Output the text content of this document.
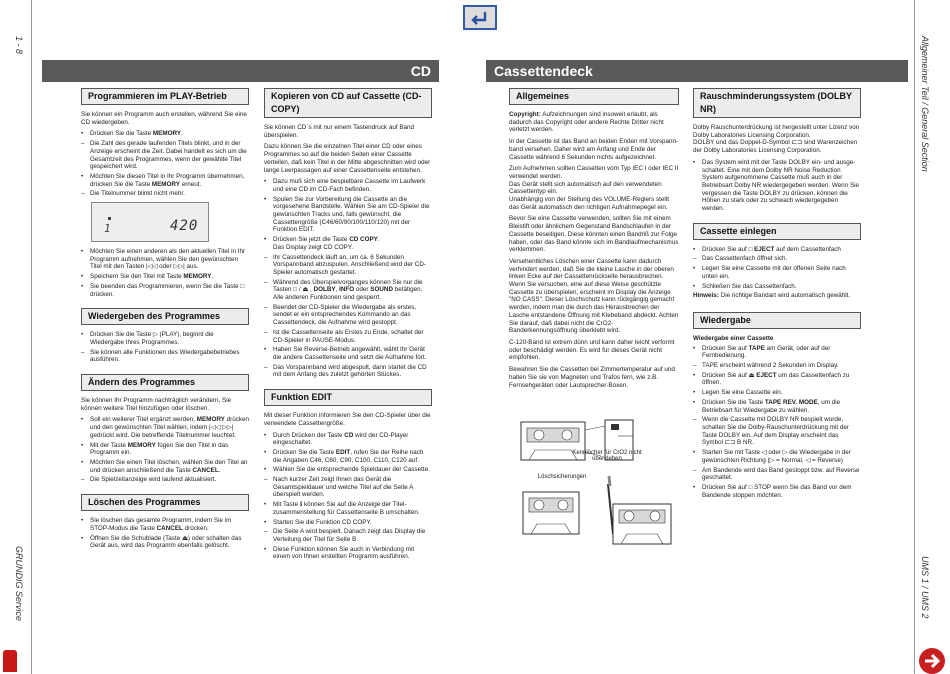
1 - 8
GRUNDIG Service
Allgemeiner Teil / General Section
UMS 1 / UMS 2
CD	Cassettendeck
Programmieren im PLAY-Betrieb

Sie können ein Programm auch erstellen, während Sie eine CD wiedergeben.

• Drücken Sie die Taste MEMORY.
– Die Zahl des gerade laufenden Titels blinkt, und in der Anzeige erscheint die Zeit. Dabei handelt es sich um die Gesamtzeit des Programmes, wenn der gewählte Titel gespeichert wird.
• Möchten Sie diesen Titel in Ihr Programm übernehmen, drücken Sie die Taste MEMORY erneut.
– Die Titelnummer blinkt nicht mehr.
1	420
• Möchten Sie einen anderen als den aktuellen Titel in Ihr Programm aufnehmen, wählen Sie den gewünschten Titel mit den Tasten |◁◁ oder ▷▷| aus.
• Speichern Sie den Titel mit Taste MEMORY.
• Sie beenden das Programmieren, wenn Sie die Taste □ drücken.
Wiedergeben des Programmes
• Drücken Sie die Taste ▷ (PLAY), beginnt die Wiedergabe Ihres Programmes.
– Sie können alle Funktionen des Wiedergabebetriebes ausführen.
Ändern des Programmes

Sie können Ihr Programm nachträglich verändern, Sie können weitere Titel hinzufügen oder löschen.

• Soll ein weiterer Titel ergänzt werden, MEMORY drücken und den gewünschten Titel wählen, indem |◁◁ ▷▷| gedrückt wird. Die betreffende Titelnummer leuchtet.
• Mit der Taste MEMORY fügen Sie den Titel in das Programm ein.
• Möchten Sie einen Titel löschen, wählen Sie den Titel an und drücken anschließend die Taste CANCEL.
– Die Spielzeitanzeige wird laufend aktualisiert.
Löschen des Programmes
• Sie löschen das gesamte Programm, indem Sie im STOP-Modus die Taste CANCEL drücken.
• Öffnen Sie die Schublade (Taste ⏏) oder schalten das Gerät aus, wird das Programm ebenfalls gelöscht.
Kopieren von CD auf Cassette (CD-COPY)

Sie können CD´s mit nur einem Tastendruck auf Band überspielen.

Dazu können Sie die einzelnen Titel einer CD oder eines Programmes so auf die beiden Seiten einer Cassette verteilen, daß kein Titel in der Mitte abgeschnitten wird oder lange Leerpassagen auf einer Cassettenseite entstehen.

• Dazu muß sich eine bespielbare Cassette im Laufwerk und eine CD im CD-Fach befinden.
• Spulen Sie zur Vorbereitung die Cassette an die vorgesehene Bandstelle. Wählen Sie am CD-Spieler die gewünschten Tracks und, falls gewünscht, die Cassettengröße (C46/60/90/100/110/120) mit der Funktion EDIT.
• Drücken Sie jetzt die Taste CD COPY.
Das Display zeigt CD COPY.
– Ihr Cassettendeck läuft an, um ca. 6 Sekunden Vorspannband abzuspulen. Anschließend wird der CD-Spieler automatisch gestartet.
– Während des Überspielvorganges können Sie nur die Tasten □ / ⏏ , DOLBY, INFO oder SOUND betätigen. Alle anderen Funktionen sind gesperrt.
– Beendet der CD-Spieler die Wiedergabe als erstes, sendet er ein entsprechendes Kommando an das Cassettendeck, die Aufnahme wird gestoppt.
– Ist die Cassettenseite als Erstes zu Ende, schaltet der CD-Spieler in PAUSE-Modus.
• Haben Sie Reverse-Betrieb angewählt, wählt Ihr Gerät die andere Cassettenseite und setzt die Aufnahme fort.
– Das Vorspannband wird abgespult, dann startet die CD mit dem Anfang des zuletzt gehörten Stückes.
Funktion EDIT

Mit dieser Funktion informieren Sie den CD-Spieler über die verwendete Cassettengröße.

• Durch Drücken der Taste CD wird der CD-Player eingeschaltet.
• Drücken Sie die Taste EDIT, rufen Sie der Reihe nach die Angaben C46, C60, C90, C100, C110, C120 auf.
• Wählen Sie die entsprechende Spieldauer der Cassette.
– Nach kurzer Zeit zeigt Ihnen das Gerät die Gesamtspieldauer und welche Titel auf die Seite A überspielt werden.
• Mit Taste ℹ können Sie auf die Anzeige der Titel-zusammenstellung für Cassettenseite B umschalten.
• Starten Sie die Funktion CD COPY.
– Die Seite A wird bespielt. Danach zeigt das Display die Verteilung der Titel für Seite B.
• Diese Funktion können Sie auch in Verbindung mit einem von Ihnen erstellten Programm ausführen.
Allgemeines

Copyright: Aufzeichnungen sind insoweit erlaubt, als dadurch das Copyright oder andere Rechte Dritter nicht verletzt werden.

In der Cassette ist das Band an beiden Enden mit Vorspann-band versehen. Daher wird am Anfang und Ende der Cassette während 6 Sekunden nichts aufgezeichnet.

Zum Aufnehmen sollten Cassetten vom Typ IEC I oder IEC II verwendet werden.

Das Gerät stellt sich automatisch auf den verwendeten Cassettentyp ein.

Unabhängig von der Stellung des VOLUME-Reglers stellt das Gerät automatisch den richtigen Aufnahmepegel ein.

Bevor Sie eine Cassette verwenden, sollten Sie mit einem Bleistift oder ähnlichem Gegenstand Bandschlaufen in der Cassette beseitigen. Diese könnten einen Bandriß zur Folge haben, oder das Band könnte sich im Bandlaufmechanismus verklemmen.

Versehentliches Löschen einer Cassette kann dadurch verhindert werden, daß Sie die kleine Lasche in der oberen linken Ecke auf der Cassettenrückseite herausbrechen. Wenn Sie versuchen, eine auf diese Weise geschützte Cassette zu überspielen, erscheint im Display die Anzeige "NO CASS". Dieser Löschschutz kann rückgängig gemacht werden, indem man die durch das Herausbrechen der Lasche entstandene Öffnung mit Klebeband abdeckt. Achten Sie darauf, daß dabei nicht die CrO2-Banderkennungsöffnung überklebt wird.

C-120-Band ist extrem dünn und kann daher leicht verformt oder beschädigt werden. Es wird für dieses Gerät nicht empfohlen.

Bewahren Sie die Cassetten bei Zimmertemperatur auf und halten Sie sie von Magneten und Trafos fern, wie z.B. Fernsehgeräten oder Lautsprecher-Boxen.

Kennlöcher für CrO2 nicht überkleben
Löschsicherungen
Rauschminderungssystem (DOLBY NR)

Dolby Rauschunterdrückung ist hergestellt unter Lizenz von Dolby Laboratories Licensing Corporation.

DOLBY und das Doppel-D-Symbol ⊏⊐ sind Warenzeichen der Dolby Laboratories Licensing Corporation.

• Das System wird mit der Taste DOLBY ein- und ausge-schaltet. Eine mit dem Dolby NR Noise Reduction System aufgenommene Cassette muß auch in der Betriebsart Dolby NR wiedergegeben werden. Wenn Sie vergessen die Taste DOLBY zu drücken, können die Höhen zu stark oder zu schwach wiedergegeben werden.
Cassette einlegen
• Drücken Sie auf □ EJECT auf dem Cassettenfach
– Das Cassettenfach öffnet sich.
• Legen Sie eine Cassette mit der offenen Seite nach unten ein.
• Schließen Sie das Cassettenfach.

Hinweis: Die richtige Bandart wird automatisch gewählt.

Wiedergabe

Wiedergabe einer Cassette

• Drücken Sie auf TAPE am Gerät, oder auf der Fernbedienung.
– TAPE erscheint während 2 Sekunden im Display.
• Drücken Sie auf ⏏ EJECT um das Cassettenfach zu öffnen.
• Legen Sie eine Cassette ein.
• Drücken Sie die Taste TAPE REV. MODE, um die Betriebsart für Wiedergabe zu wählen.
– Wenn die Cassette mit DOLBY NR bespielt wurde, schalten Sie die Dolby-Rauschunterdrückung mit der Taste DOLBY ein. Auf dem Display erscheint das Symbol ⊏⊐ B NR.
• Starten Sie mit Taste ◁ oder ▷ die Wiedergabe in der gewünschten Richtung (▷ = Normal, ◁ = Reverse)
– Am Bandende wird das Band gestoppt bzw. auf Reverse geschaltet.
• Drücken Sie auf □ STOP wenn Sie das Band vor dem Bandende stoppen möchten.
